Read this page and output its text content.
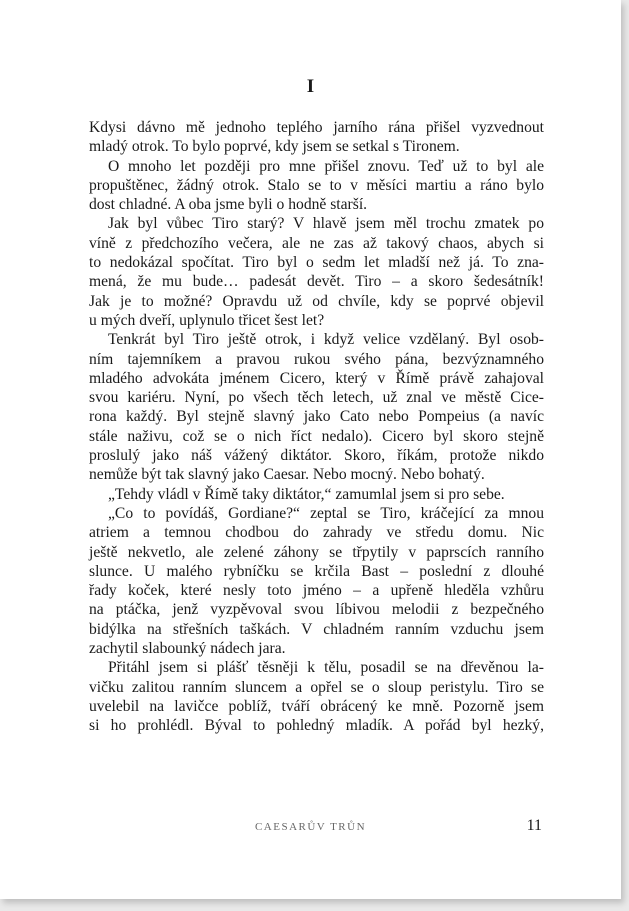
I
Kdysi dávno mě jednoho teplého jarního rána přišel vyzvednout
mladý otrok. To bylo poprvé, kdy jsem se setkal s Tironem.
O mnoho let později pro mne přišel znovu. Teď už to byl ale
propuštěnec, žádný otrok. Stalo se to v měsíci martiu a ráno bylo
dost chladné. A oba jsme byli o hodně starší.
Jak byl vůbec Tiro starý? V hlavě jsem měl trochu zmatek po
víně z předchozího večera, ale ne zas až takový chaos, abych si
to nedokázal spočítat. Tiro byl o sedm let mladší než já. To zna-
mená, že mu bude… padesát devět. Tiro – a skoro šedesátník!
Jak je to možné? Opravdu už od chvíle, kdy se poprvé objevil
u mých dveří, uplynulo třicet šest let?
Tenkrát byl Tiro ještě otrok, i když velice vzdělaný. Byl osob-
ním tajemníkem a pravou rukou svého pána, bezvýznamného
mladého advokáta jménem Cicero, který v Římě právě zahajoval
svou kariéru. Nyní, po všech těch letech, už znal ve městě Cice-
rona každý. Byl stejně slavný jako Cato nebo Pompeius (a navíc
stále naživu, což se o nich říct nedalo). Cicero byl skoro stejně
proslulý jako náš vážený diktátor. Skoro, říkám, protože nikdo
nemůže být tak slavný jako Caesar. Nebo mocný. Nebo bohatý.
„Tehdy vládl v Římě taky diktátor,“ zamumlal jsem si pro sebe.
„Co to povídáš, Gordiane?“ zeptal se Tiro, kráčející za mnou
atriem a temnou chodbou do zahrady ve středu domu. Nic
ještě nekvetlo, ale zelené záhony se třpytily v paprscích ranního
slunce. U malého rybníčku se krčila Bast – poslední z dlouhé
řady koček, které nesly toto jméno – a upřeně hleděla vzhůru
na ptáčka, jenž vyzpěvoval svou líbivou melodii z bezpečného
bidýlka na střešních taškách. V chladném ranním vzduchu jsem
zachytil slabounký nádech jara.
Přitáhl jsem si plášť těsněji k tělu, posadil se na dřevěnou la-
vičku zalitou ranním sluncem a opřel se o sloup peristylu. Tiro se
uvelebil na lavičce poblíž, tváří obrácený ke mně. Pozorně jsem
si ho prohlédl. Býval to pohledný mladík. A pořád byl hezký,
CAESARŮV TRŮN	11
